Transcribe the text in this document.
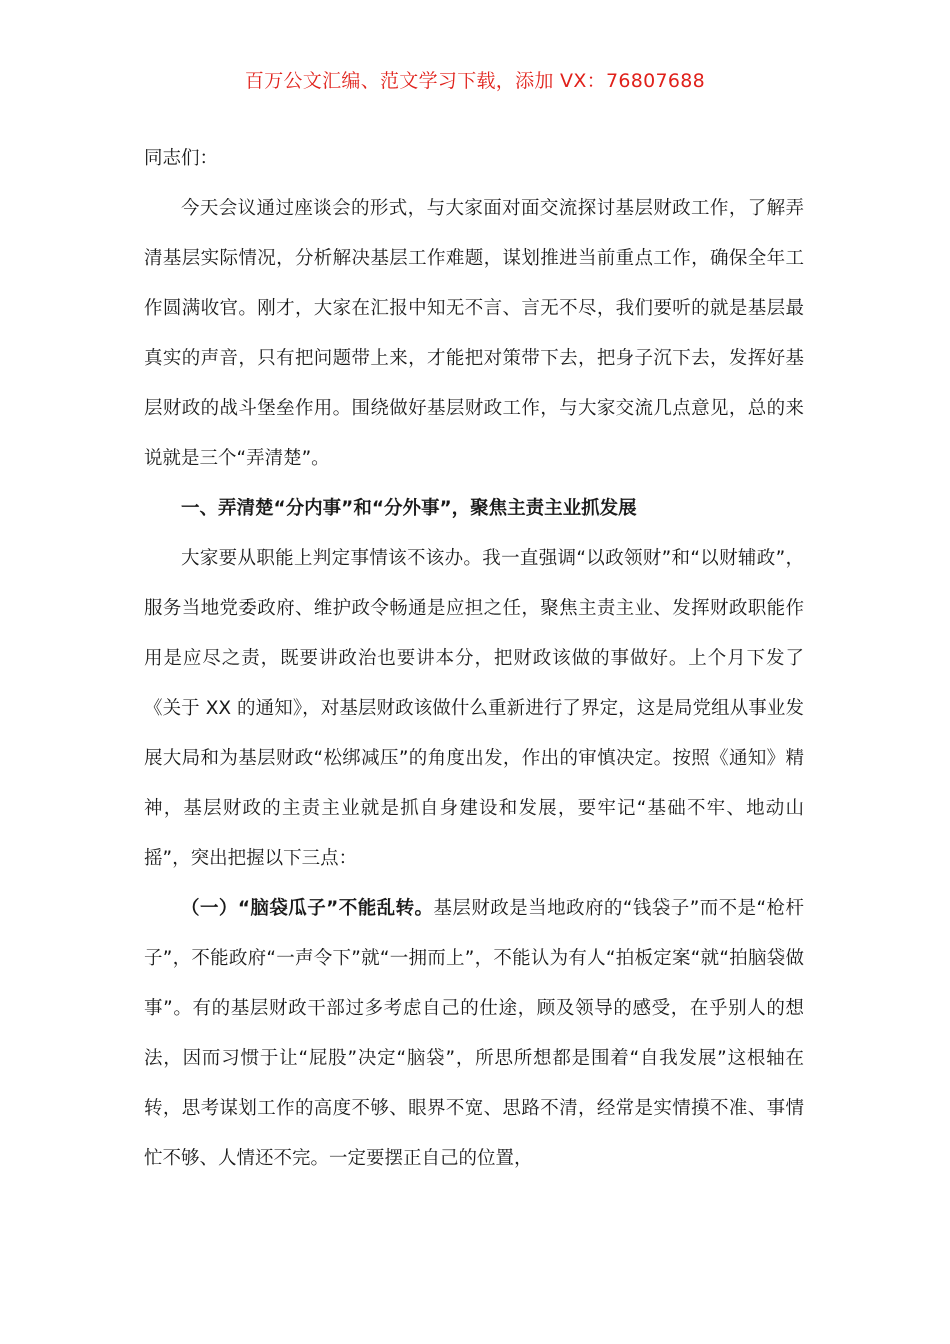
百万公文汇编、范文学习下载，添加 VX：76807688

同志们：

今天会议通过座谈会的形式，与大家面对面交流探讨基层财政工作，了解弄清基层实际情况，分析解决基层工作难题，谋划推进当前重点工作，确保全年工作圆满收官。刚才，大家在汇报中知无不言、言无不尽，我们要听的就是基层最真实的声音，只有把问题带上来，才能把对策带下去，把身子沉下去，发挥好基层财政的战斗堡垒作用。围绕做好基层财政工作，与大家交流几点意见，总的来说就是三个“弄清楚”。

一、弄清楚“分内事”和“分外事”，聚焦主责主业抓发展

大家要从职能上判定事情该不该办。我一直强调“以政领财”和“以财辅政”，服务当地党委政府、维护政令畅通是应担之任，聚焦主责主业、发挥财政职能作用是应尽之责，既要讲政治也要讲本分，把财政该做的事做好。上个月下发了《关于 XX 的通知》，对基层财政该做什么重新进行了界定，这是局党组从事业发展大局和为基层财政“松绑减压”的角度出发，作出的审慎决定。按照《通知》精神，基层财政的主责主业就是抓自身建设和发展，要牢记“基础不牢、地动山摇”，突出把握以下三点：

（一）“脑袋瓜子”不能乱转。基层财政是当地政府的“钱袋子”而不是“枪杆子”，不能政府“一声令下”就“一拥而上”，不能认为有人“拍板定案“就“拍脑袋做事”。有的基层财政干部过多考虑自己的仕途，顾及领导的感受，在乎别人的想法，因而习惯于让“屁股”决定“脑袋”，所思所想都是围着“自我发展”这根轴在转，思考谋划工作的高度不够、眼界不宽、思路不清，经常是实情摸不准、事情忙不够、人情还不完。一定要摆正自己的位置，
